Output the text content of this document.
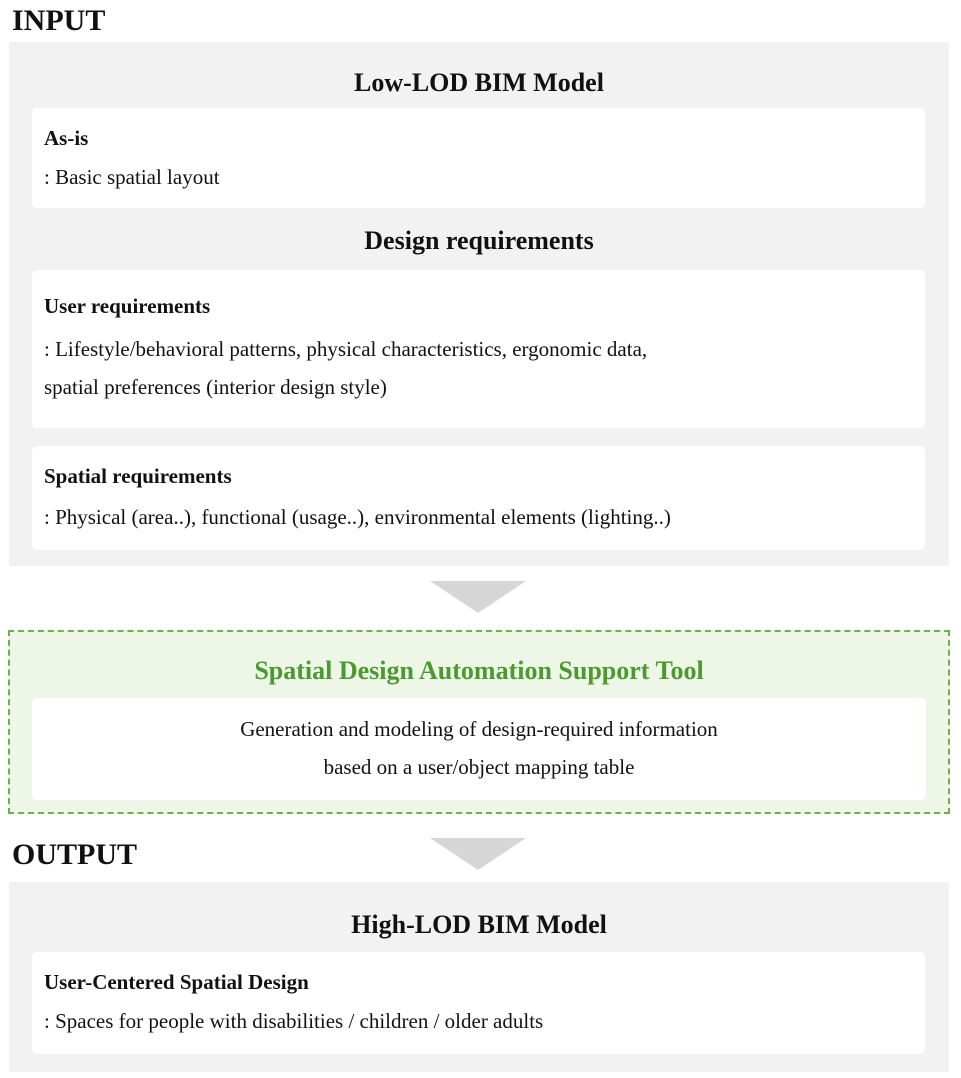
INPUT
Low-LOD BIM Model
As-is
: Basic spatial layout
Design requirements
User requirements
: Lifestyle/behavioral patterns, physical characteristics, ergonomic data,
spatial preferences (interior design style)
Spatial requirements
: Physical (area..), functional (usage..), environmental elements (lighting..)
Spatial Design Automation Support Tool
Generation and modeling of design-required information
based on a user/object mapping table
OUTPUT
High-LOD BIM Model
User-Centered Spatial Design
: Spaces for people with disabilities / children / older adults
